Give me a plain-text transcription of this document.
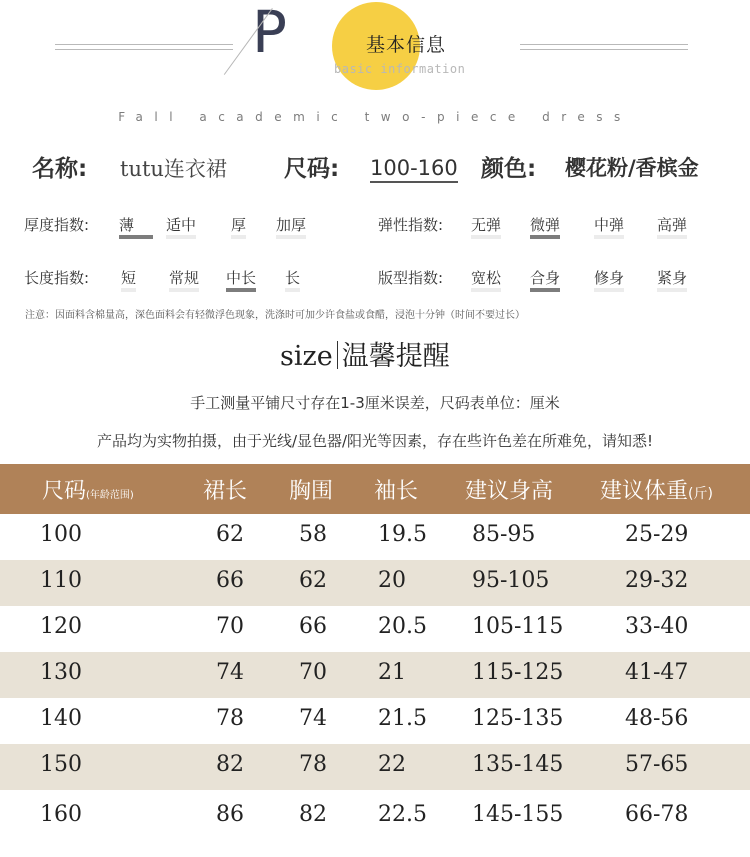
P	基本信息
basic information
Fall academic two-piece dress
名称: tutu连衣裙 尺码: 100-160 颜色: 樱花粉/香槟金
厚度指数: 薄	适中 厚 加厚	弹性指数: 无弹 微弹 中弹 高弹
长度指数: 短 常规 中长 长	版型指数: 宽松 合身 修身 紧身
注意：因面料含棉量高，深色面料会有轻微浮色现象，洗涤时可加少许食盐或食醋，浸泡十分钟（时间不要过长）
size 温馨提醒
手工测量平铺尺寸存在1-3厘米误差，尺码表单位：厘米
产品均为实物拍摄，由于光线/显色器/阳光等因素，存在些许色差在所难免，请知悉!
尺码(年龄范围)	裙长 胸围 袖长 建议身高 建议体重(斤)
100	62	58 19.5 85-95	25-29
110	66	62 20	95-105	29-32
120	70	66 20.5 105-115	33-40
130	74	70 21	115-125	41-47
140	78	74 21.5 125-135	48-56
150	82	78 22	135-145	57-65
160	86	82 22.5 145-155	66-78
